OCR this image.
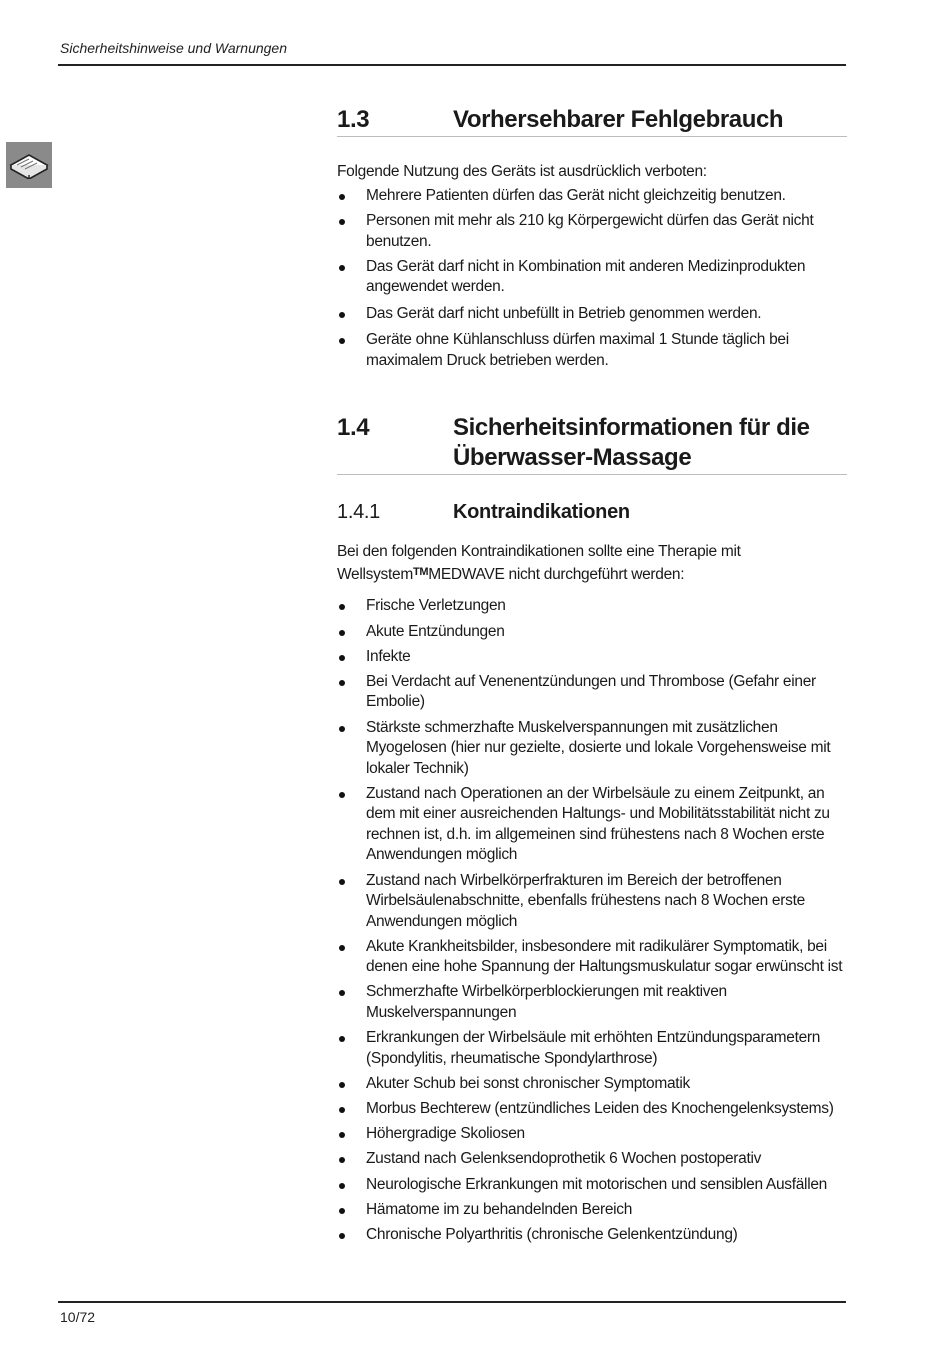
Sicherheitshinweise und Warnungen
1.3	Vorhersehbarer Fehlgebrauch
Folgende Nutzung des Geräts ist ausdrücklich verboten:
Mehrere Patienten dürfen das Gerät nicht gleichzeitig benutzen.
Personen mit mehr als 210 kg Körpergewicht dürfen das Gerät nicht benutzen.
Das Gerät darf nicht in Kombination mit anderen Medizinprodukten angewendet werden.
Das Gerät darf nicht unbefüllt in Betrieb genommen werden.
Geräte ohne Kühlanschluss dürfen maximal 1 Stunde täglich bei maximalem Druck betrieben werden.
1.4	Sicherheitsinformationen für die
Überwasser-Massage
1.4.1	Kontraindikationen
Bei den folgenden Kontraindikationen sollte eine Therapie mit Wellsystem™MEDWAVE nicht durchgeführt werden:
Frische Verletzungen
Akute Entzündungen
Infekte
Bei Verdacht auf Venenentzündungen und Thrombose (Gefahr einer Embolie)
Stärkste schmerzhafte Muskelverspannungen mit zusätzlichen Myogelosen (hier nur gezielte, dosierte und lokale Vorgehensweise mit lokaler Technik)
Zustand nach Operationen an der Wirbelsäule zu einem Zeitpunkt, an dem mit einer ausreichenden Haltungs- und Mobilitätsstabilität nicht zu rechnen ist, d.h. im allgemeinen sind frühestens nach 8 Wochen erste Anwendungen möglich
Zustand nach Wirbelkörperfrakturen im Bereich der betroffenen Wirbelsäulenabschnitte, ebenfalls frühestens nach 8 Wochen erste Anwendungen möglich
Akute Krankheitsbilder, insbesondere mit radikulärer Symptomatik, bei denen eine hohe Spannung der Haltungsmuskulatur sogar erwünscht ist
Schmerzhafte Wirbelkörperblockierungen mit reaktiven Muskelverspannungen
Erkrankungen der Wirbelsäule mit erhöhten Entzündungsparametern (Spondylitis, rheumatische Spondylarthrose)
Akuter Schub bei sonst chronischer Symptomatik
Morbus Bechterew (entzündliches Leiden des Knochengelenksystems)
Höhergradige Skoliosen
Zustand nach Gelenksendoprothetik 6 Wochen postoperativ
Neurologische Erkrankungen mit motorischen und sensiblen Ausfällen
Hämatome im zu behandelnden Bereich
Chronische Polyarthritis (chronische Gelenkentzündung)
10/72
